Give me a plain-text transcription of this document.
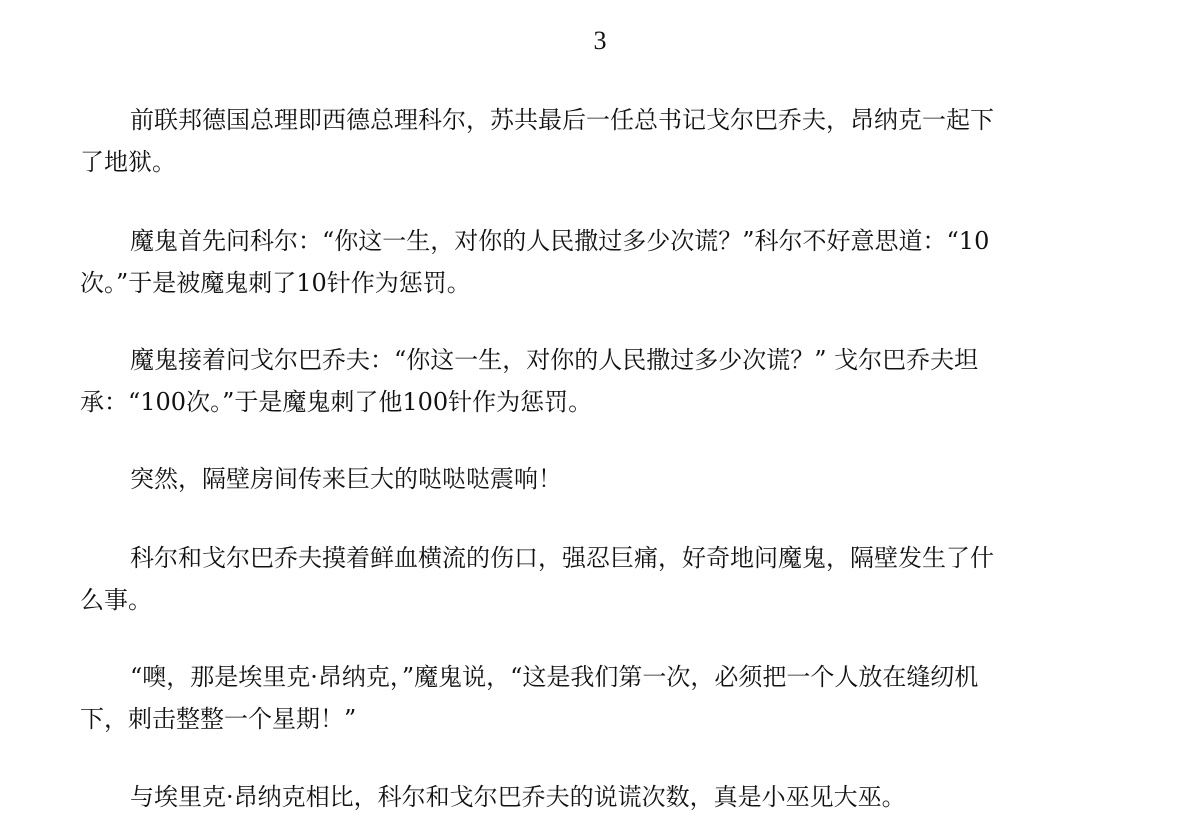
3
前联邦德国总理即西德总理科尔，苏共最后一任总书记戈尔巴乔夫，昂纳克一起下
了地狱。
魔鬼首先问科尔：“你这一生，对你的人民撒过多少次谎？”科尔不好意思道：“10
次。”于是被魔鬼刺了10针作为惩罚。
魔鬼接着问戈尔巴乔夫：“你这一生，对你的人民撒过多少次谎？” 戈尔巴乔夫坦
承：“100次。”于是魔鬼刺了他100针作为惩罚。
突然，隔壁房间传来巨大的哒哒哒震响！
科尔和戈尔巴乔夫摸着鲜血横流的伤口，强忍巨痛，好奇地问魔鬼，隔壁发生了什
么事。
“噢，那是埃里克·昂纳克，”魔鬼说，“这是我们第一次，必须把一个人放在缝纫机
下，刺击整整一个星期！”
与埃里克·昂纳克相比，科尔和戈尔巴乔夫的说谎次数，真是小巫见大巫。
